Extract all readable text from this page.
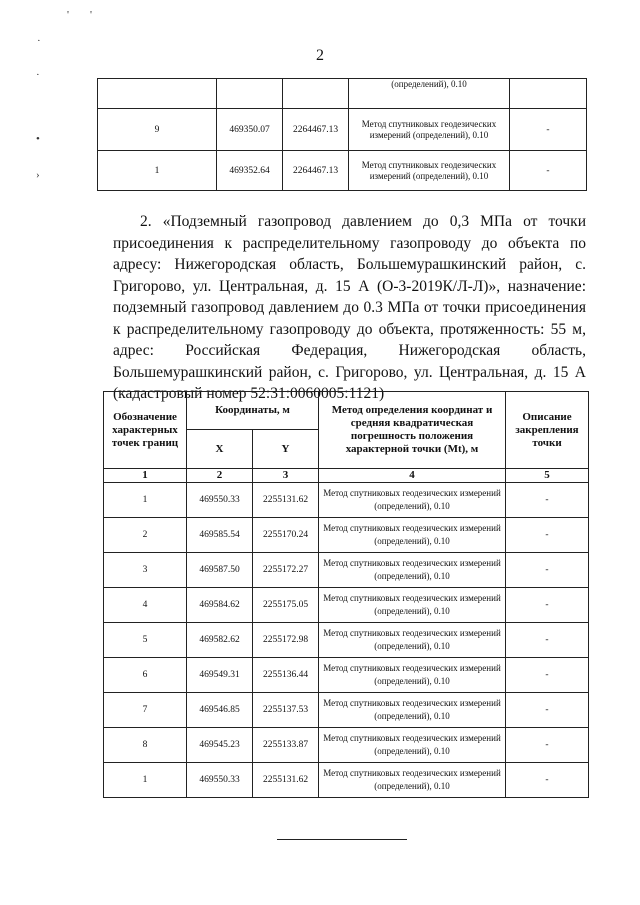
' '
·
·
•
›
2
			(определений), 0.10	
9	469350.07	2264467.13	Метод спутниковых геодезических измерений (определений), 0.10	-
1	469352.64	2264467.13	Метод спутниковых геодезических измерений (определений), 0.10	-

2. «Подземный газопровод давлением до 0,3 МПа от точки присоединения к распределительному газопроводу до объекта по адресу: Нижегородская область, Большемурашкинский район, с. Григорово, ул. Центральная, д. 15 А (О-3-2019К/Л-Л)», назначение: подземный газопровод давлением до 0.3 МПа от точки присоединения к распределительному газопроводу до объекта, протяженность: 55 м, адрес: Российская Федерация, Нижегородская область, Большемурашкинский район, с. Григорово, ул. Центральная, д. 15 А (кадастровый номер 52:31:0060005:1121)

Обозначение характерных точек границ	Координаты, м		Метод определения координат и средняя квадратическая погрешность положения характерной точки (Mt), м	Описание закрепления точки
	X	Y		
1	2	3	4	5
1	469550.33	2255131.62	Метод спутниковых геодезических измерений (определений), 0.10	-
2	469585.54	2255170.24	Метод спутниковых геодезических измерений (определений), 0.10	-
3	469587.50	2255172.27	Метод спутниковых геодезических измерений (определений), 0.10	-
4	469584.62	2255175.05	Метод спутниковых геодезических измерений (определений), 0.10	-
5	469582.62	2255172.98	Метод спутниковых геодезических измерений (определений), 0.10	-
6	469549.31	2255136.44	Метод спутниковых геодезических измерений (определений), 0.10	-
7	469546.85	2255137.53	Метод спутниковых геодезических измерений (определений), 0.10	-
8	469545.23	2255133.87	Метод спутниковых геодезических измерений (определений), 0.10	-
1	469550.33	2255131.62	Метод спутниковых геодезических измерений (определений), 0.10	-
